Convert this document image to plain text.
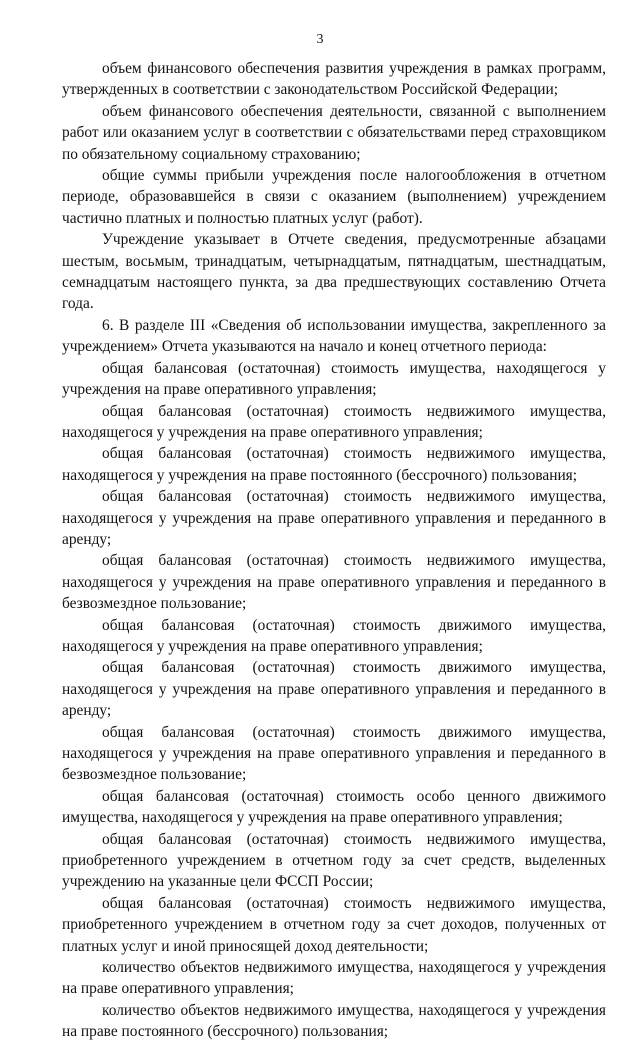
3

объем финансового обеспечения развития учреждения в рамках программ, утвержденных в соответствии с законодательством Российской Федерации;

объем финансового обеспечения деятельности, связанной с выполнением работ или оказанием услуг в соответствии с обязательствами перед страховщиком по обязательному социальному страхованию;

общие суммы прибыли учреждения после налогообложения в отчетном периоде, образовавшейся в связи с оказанием (выполнением) учреждением частично платных и полностью платных услуг (работ).

Учреждение указывает в Отчете сведения, предусмотренные абзацами шестым, восьмым, тринадцатым, четырнадцатым, пятнадцатым, шестнадцатым, семнадцатым настоящего пункта, за два предшествующих составлению Отчета года.

6. В разделе III «Сведения об использовании имущества, закрепленного за учреждением» Отчета указываются на начало и конец отчетного периода:

общая балансовая (остаточная) стоимость имущества, находящегося у учреждения на праве оперативного управления;

общая балансовая (остаточная) стоимость недвижимого имущества, находящегося у учреждения на праве оперативного управления;

общая балансовая (остаточная) стоимость недвижимого имущества, находящегося у учреждения на праве постоянного (бессрочного) пользования;

общая балансовая (остаточная) стоимость недвижимого имущества, находящегося у учреждения на праве оперативного управления и переданного в аренду;

общая балансовая (остаточная) стоимость недвижимого имущества, находящегося у учреждения на праве оперативного управления и переданного в безвозмездное пользование;

общая балансовая (остаточная) стоимость движимого имущества, находящегося у учреждения на праве оперативного управления;

общая балансовая (остаточная) стоимость движимого имущества, находящегося у учреждения на праве оперативного управления и переданного в аренду;

общая балансовая (остаточная) стоимость движимого имущества, находящегося у учреждения на праве оперативного управления и переданного в безвозмездное пользование;

общая балансовая (остаточная) стоимость особо ценного движимого имущества, находящегося у учреждения на праве оперативного управления;

общая балансовая (остаточная) стоимость недвижимого имущества, приобретенного учреждением в отчетном году за счет средств, выделенных учреждению на указанные цели ФССП России;

общая балансовая (остаточная) стоимость недвижимого имущества, приобретенного учреждением в отчетном году за счет доходов, полученных от платных услуг и иной приносящей доход деятельности;

количество объектов недвижимого имущества, находящегося у учреждения на праве оперативного управления;

количество объектов недвижимого имущества, находящегося у учреждения на праве постоянного (бессрочного) пользования;
